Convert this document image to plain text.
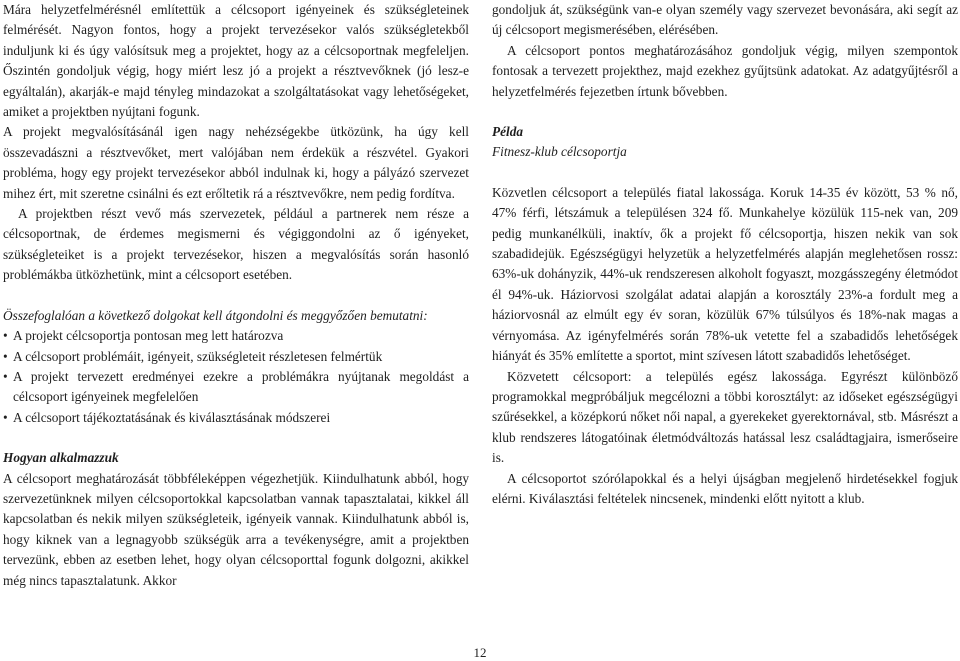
Mára helyzetfelmérésnél említettük a célcsoport igényeinek és szükségleteinek felmérését. Nagyon fontos, hogy a projekt tervezésekor valós szükségletekből induljunk ki és úgy valósítsuk meg a projektet, hogy az a célcsoportnak megfeleljen. Őszintén gondoljuk végig, hogy miért lesz jó a projekt a résztvevőknek (jó lesz-e egyáltalán), akarják-e majd tényleg mindazokat a szolgáltatásokat vagy lehetőségeket, amiket a projektben nyújtani fogunk.

A projekt megvalósításánál igen nagy nehézségekbe ütközünk, ha úgy kell összevadászni a résztvevőket, mert valójában nem érdekük a részvétel. Gyakori probléma, hogy egy projekt tervezésekor abból indulnak ki, hogy a pályázó szervezet mihez ért, mit szeretne csinálni és ezt erőltetik rá a résztvevőkre, nem pedig fordítva.

A projektben részt vevő más szervezetek, például a partnerek nem része a célcsoportnak, de érdemes megismerni és végiggondolni az ő igényeket, szükségleteiket is a projekt tervezésekor, hiszen a megvalósítás során hasonló problémákba ütközhetünk, mint a célcsoport esetében.

Összefoglalóan a következő dolgokat kell átgondolni és meggyőzően bemutatni:

• A projekt célcsoportja pontosan meg lett határozva
• A célcsoport problémáit, igényeit, szükségleteit részletesen felmértük
• A projekt tervezett eredményei ezekre a problémákra nyújtanak megoldást a célcsoport igényeinek megfelelően
• A célcsoport tájékoztatásának és kiválasztásának módszerei

Hogyan alkalmazzuk

A célcsoport meghatározását többféleképpen végezhetjük. Kiindulhatunk abból, hogy szervezetünknek milyen célcsoportokkal kapcsolatban vannak tapasztalatai, kikkel áll kapcsolatban és nekik milyen szükségleteik, igényeik vannak. Kiindulhatunk abból is, hogy kiknek van a legnagyobb szükségük arra a tevékenységre, amit a projektben tervezünk, ebben az esetben lehet, hogy olyan célcsoporttal fogunk dolgozni, akikkel még nincs tapasztalatunk. Akkor

gondoljuk át, szükségünk van-e olyan személy vagy szervezet bevonására, aki segít az új célcsoport megismerésében, elérésében.

A célcsoport pontos meghatározásához gondoljuk végig, milyen szempontok fontosak a tervezett projekthez, majd ezekhez gyűjtsünk adatokat. Az adatgyűjtésről a helyzetfelmérés fejezetben írtunk bővebben.

Példa

Fitnesz-klub célcsoportja

Közvetlen célcsoport a település fiatal lakossága. Koruk 14-35 év között, 53 % nő, 47% férfi, létszámuk a településen 324 fő. Munkahelye közülük 115-nek van, 209 pedig munkanélküli, inaktív, ők a projekt fő célcsoportja, hiszen nekik van sok szabadidejük. Egészségügyi helyzetük a helyzetfelmérés alapján meglehetősen rossz: 63%-uk dohányzik, 44%-uk rendszeresen alkoholt fogyaszt, mozgásszegény életmódot él 94%-uk. Háziorvosi szolgálat adatai alapján a korosztály 23%-a fordult meg a háziorvosnál az elmúlt egy év soran, közülük 67% túlsúlyos és 18%-nak magas a vérnyomása. Az igényfelmérés során 78%-uk vetette fel a szabadidős lehetőségek hiányát és 35% említette a sportot, mint szívesen látott szabadidős lehetőséget.

Közvetett célcsoport: a település egész lakossága. Egyrészt különböző programokkal megpróbáljuk megcélozni a többi korosztályt: az időseket egészségügyi szűrésekkel, a középkorú nőket női napal, a gyerekeket gyerektornával, stb. Másrészt a klub rendszeres látogatóinak életmódváltozás hatással lesz családtagjaira, ismerőseire is.

A célcsoportot szórólapokkal és a helyi újságban megjelenő hirdetésekkel fogjuk elérni. Kiválasztási feltételek nincsenek, mindenki előtt nyitott a klub.

12
